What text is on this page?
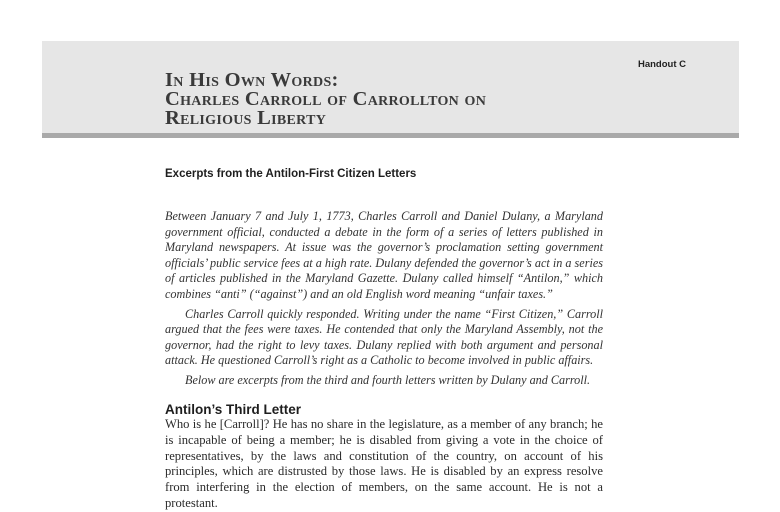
Handout C
In His Own Words:
Charles Carroll of Carrollton on
Religious Liberty
Excerpts from the Antilon-First Citizen Letters

Between January 7 and July 1, 1773, Charles Carroll and Daniel Dulany, a Maryland government official, conducted a debate in the form of a series of letters published in Maryland newspapers. At issue was the governor’s proclamation setting government officials’ public service fees at a high rate. Dulany defended the governor’s act in a series of articles published in the Maryland Gazette. Dulany called himself “Antilon,” which combines “anti” (“against”) and an old English word meaning “unfair taxes.”

Charles Carroll quickly responded. Writing under the name “First Citizen,” Carroll argued that the fees were taxes. He contended that only the Maryland Assembly, not the governor, had the right to levy taxes. Dulany replied with both argument and personal attack. He questioned Carroll’s right as a Catholic to become involved in public affairs.

Below are excerpts from the third and fourth letters written by Dulany and Carroll.

Antilon’s Third Letter

Who is he [Carroll]? He has no share in the legislature, as a member of any branch; he is incapable of being a member; he is disabled from giving a vote in the choice of representatives, by the laws and constitution of the country, on account of his principles, which are distrusted by those laws. He is disabled by an express resolve from interfering in the election of members, on the same account. He is not a protestant.
